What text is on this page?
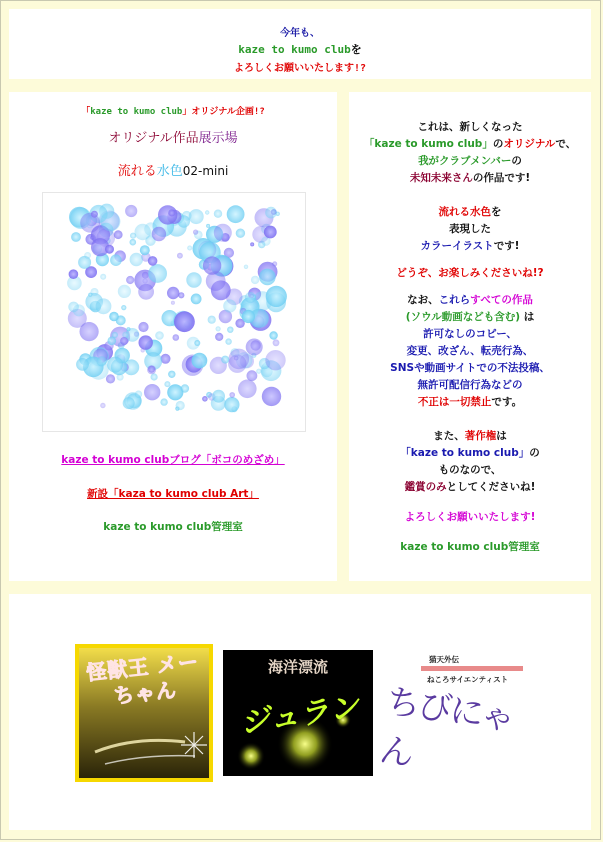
今年も、
kaze to kumo clubを
よろしくお願いいたします!?
「kaze to kumo club」オリジナル企画!?
オリジナル作品展示場
流れる水色02-mini
kaze to kumo clubブログ「ボコのめざめ」
新設「kaza to kumo club Art」
kaze to kumo club管理室
これは、新しくなった
「kaze to kumo club」のオリジナルで、
我がクラブメンバーの
未知未来さんの作品です!
流れる水色を
表現した
カラーイラストです!
どうぞ、お楽しみくださいね!?
なお、これらすべての作品
(ソウル動画なども含む) は
許可なしのコピー、
変更、改ざん、転売行為、
SNSや動画サイトでの不法投稿、
無許可配信行為などの
不正は一切禁止です。
また、著作権は
「kaze to kumo club」の
ものなので、
鑑賞のみとしてくださいね!
よろしくお願いいたします!
kaze to kumo club管理室
怪獣王 メーちゃん
海洋漂流
ジュラン
猫天外伝
ねころサイエンティスト
ちびにゃん
